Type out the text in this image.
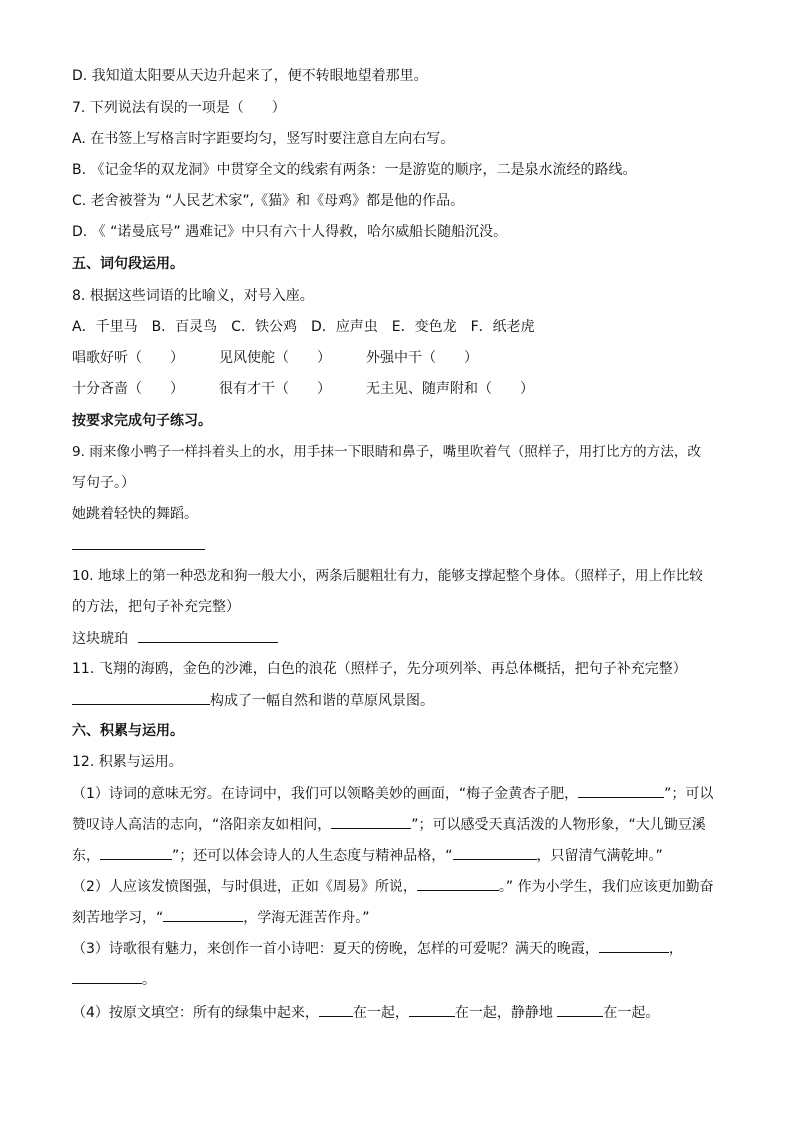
D. 我知道太阳要从天边升起来了，便不转眼地望着那里。
7. 下列说法有误的一项是（　　）
A. 在书签上写格言时字距要均匀，竖写时要注意自左向右写。
B. 《记金华的双龙洞》中贯穿全文的线索有两条：一是游览的顺序，二是泉水流经的路线。
C. 老舍被誉为 “人民艺术家”,《猫》和《母鸡》都是他的作品。
D. 《 “诺曼底号” 遇难记》中只有六十人得救，哈尔威船长随船沉没。
五、词句段运用。
8. 根据这些词语的比喻义，对号入座。
A．千里马　B．百灵鸟　C．铁公鸡　D．应声虫　E．变色龙　F．纸老虎
唱歌好听（　　）	见风使舵（　　）	外强中干（　　）
十分吝啬（　　）	很有才干（　　）	无主见、随声附和（　　）
按要求完成句子练习。
9. 雨来像小鸭子一样抖着头上的水，用手抹一下眼睛和鼻子，嘴里吹着气（照样子，用打比方的方法，改
写句子。）
她跳着轻快的舞蹈。
10. 地球上的第一种恐龙和狗一般大小，两条后腿粗壮有力，能够支撑起整个身体。（照样子，用上作比较
的方法，把句子补充完整）
这块琥珀
11. 飞翔的海鸥，金色的沙滩，白色的浪花（照样子，先分项列举、再总体概括，把句子补充完整）
构成了一幅自然和谐的草原风景图。
六、积累与运用。
12. 积累与运用。
（1）诗词的意味无穷。在诗词中，我们可以领略美妙的画面，“梅子金黄杏子肥，	”；可以
赞叹诗人高洁的志向，“洛阳亲友如相问，	”；可以感受天真活泼的人物形象，“大儿锄豆溪
东，	”；还可以体会诗人的人生态度与精神品格，“	，只留清气满乾坤。”
（2）人应该发愤图强，与时俱进，正如《周易》所说，	。” 作为小学生，我们应该更加勤奋
刻苦地学习，“	，学海无涯苦作舟。”
（3）诗歌很有魅力，来创作一首小诗吧：夏天的傍晚，怎样的可爱呢？满天的晚霞，	，
。
（4）按原文填空：所有的绿集中起来， 在一起，	在一起，静静地	在一起。
